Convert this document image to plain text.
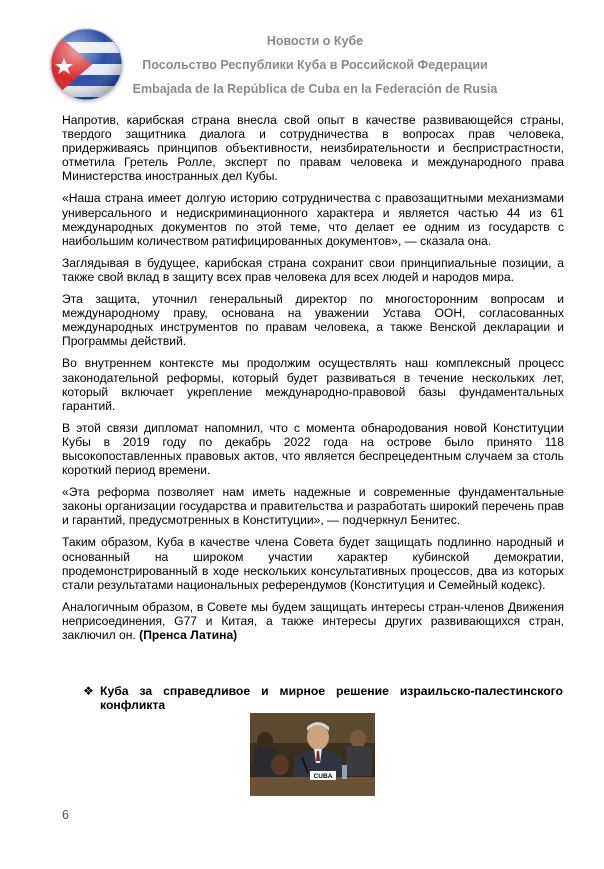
Новости о Кубе
Посольство Республики Куба в Российской Федерации
Embajada de la República de Cuba en la Federación de Rusia

Напротив, карибская страна внесла свой опыт в качестве развивающейся страны, твердого защитника диалога и сотрудничества в вопросах прав человека, придерживаясь принципов объективности, неизбирательности и беспристрастности, отметила Гретель Ролле, эксперт по правам человека и международного права Министерства иностранных дел Кубы.

«Наша страна имеет долгую историю сотрудничества с правозащитными механизмами универсального и недискриминационного характера и является частью 44 из 61 международных документов по этой теме, что делает ее одним из государств с наибольшим количеством ратифицированных документов», — сказала она.

Заглядывая в будущее, карибская страна сохранит свои принципиальные позиции, а также свой вклад в защиту всех прав человека для всех людей и народов мира.

Эта защита, уточнил генеральный директор по многосторонним вопросам и международному праву, основана на уважении Устава ООН, согласованных международных инструментов по правам человека, а также Венской декларации и Программы действий.

Во внутреннем контексте мы продолжим осуществлять наш комплексный процесс законодательной реформы, который будет развиваться в течение нескольких лет, который включает укрепление международно-правовой базы фундаментальных гарантий.

В этой связи дипломат напомнил, что с момента обнародования новой Конституции Кубы в 2019 году по декабрь 2022 года на острове было принято 118 высокопоставленных правовых актов, что является беспрецедентным случаем за столь короткий период времени.

«Эта реформа позволяет нам иметь надежные и современные фундаментальные законы организации государства и правительства и разработать широкий перечень прав и гарантий, предусмотренных в Конституции», — подчеркнул Бенитес.

Таким образом, Куба в качестве члена Совета будет защищать подлинно народный и основанный на широком участии характер кубинской демократии, продемонстрированный в ходе нескольких консультативных процессов, два из которых стали результатами национальных референдумов (Конституция и Семейный кодекс).

Аналогичным образом, в Совете мы будем защищать интересы стран-членов Движения неприсоединения, G77 и Китая, а также интересы других развивающихся стран, заключил он. (Пренса Латина)

❖ Куба за справедливое и мирное решение израильско-палестинского конфликта
CUBA
6
